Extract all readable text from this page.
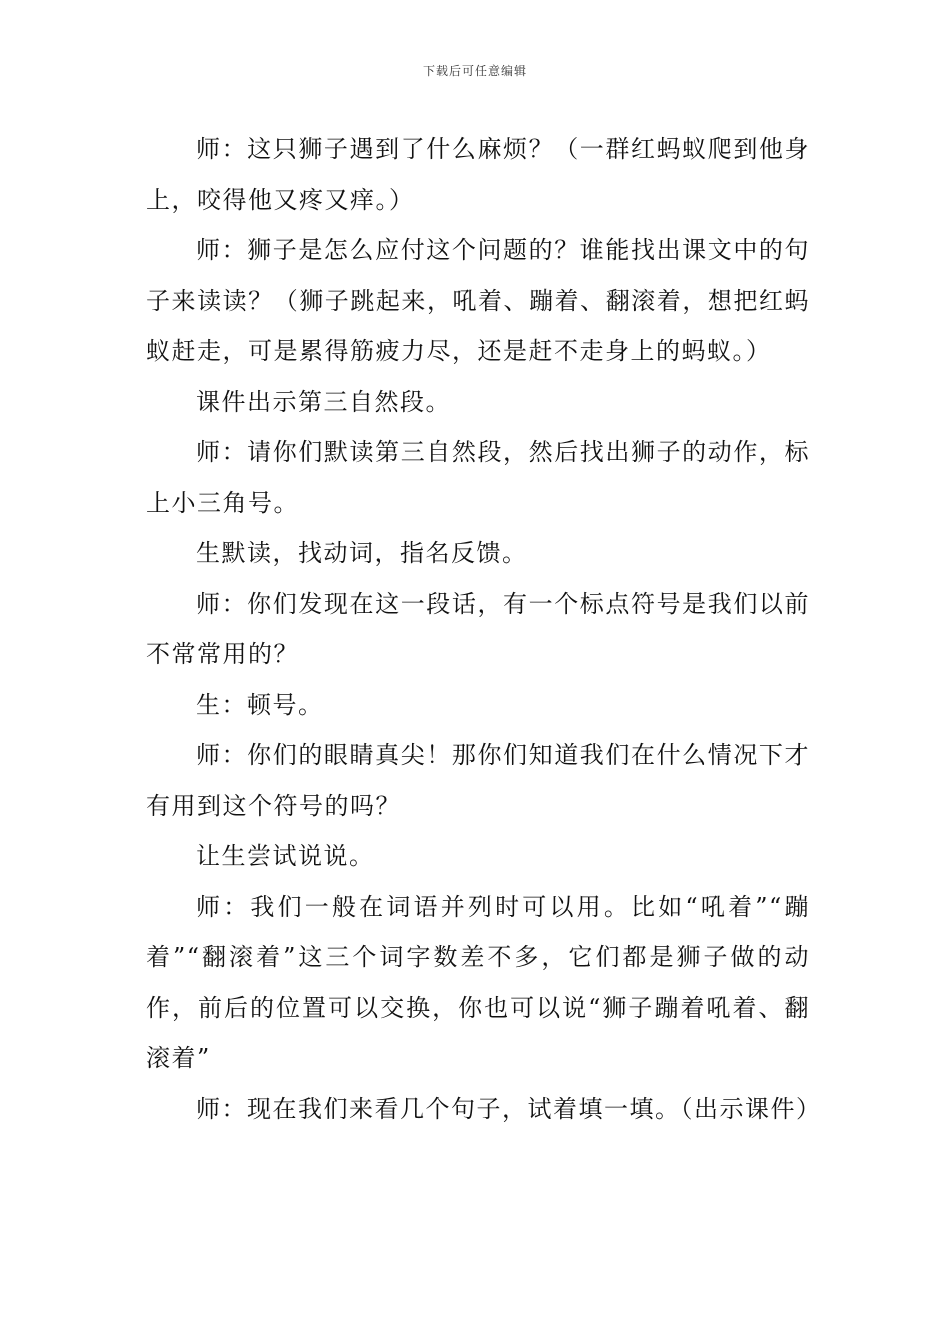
下载后可任意编辑

师：这只狮子遇到了什么麻烦？（一群红蚂蚁爬到他身上，咬得他又疼又痒。）

师：狮子是怎么应付这个问题的？谁能找出课文中的句子来读读？（狮子跳起来，吼着、蹦着、翻滚着，想把红蚂蚁赶走，可是累得筋疲力尽，还是赶不走身上的蚂蚁。）

课件出示第三自然段。

师：请你们默读第三自然段，然后找出狮子的动作，标上小三角号。

生默读，找动词，指名反馈。

师：你们发现在这一段话，有一个标点符号是我们以前不常常用的？

生：顿号。

师：你们的眼睛真尖！那你们知道我们在什么情况下才有用到这个符号的吗？

让生尝试说说。

师：我们一般在词语并列时可以用。比如“吼着”“蹦着”“翻滚着”这三个词字数差不多，它们都是狮子做的动作，前后的位置可以交换，你也可以说“狮子蹦着吼着、翻滚着”

师：现在我们来看几个句子，试着填一填。（出示课件）
